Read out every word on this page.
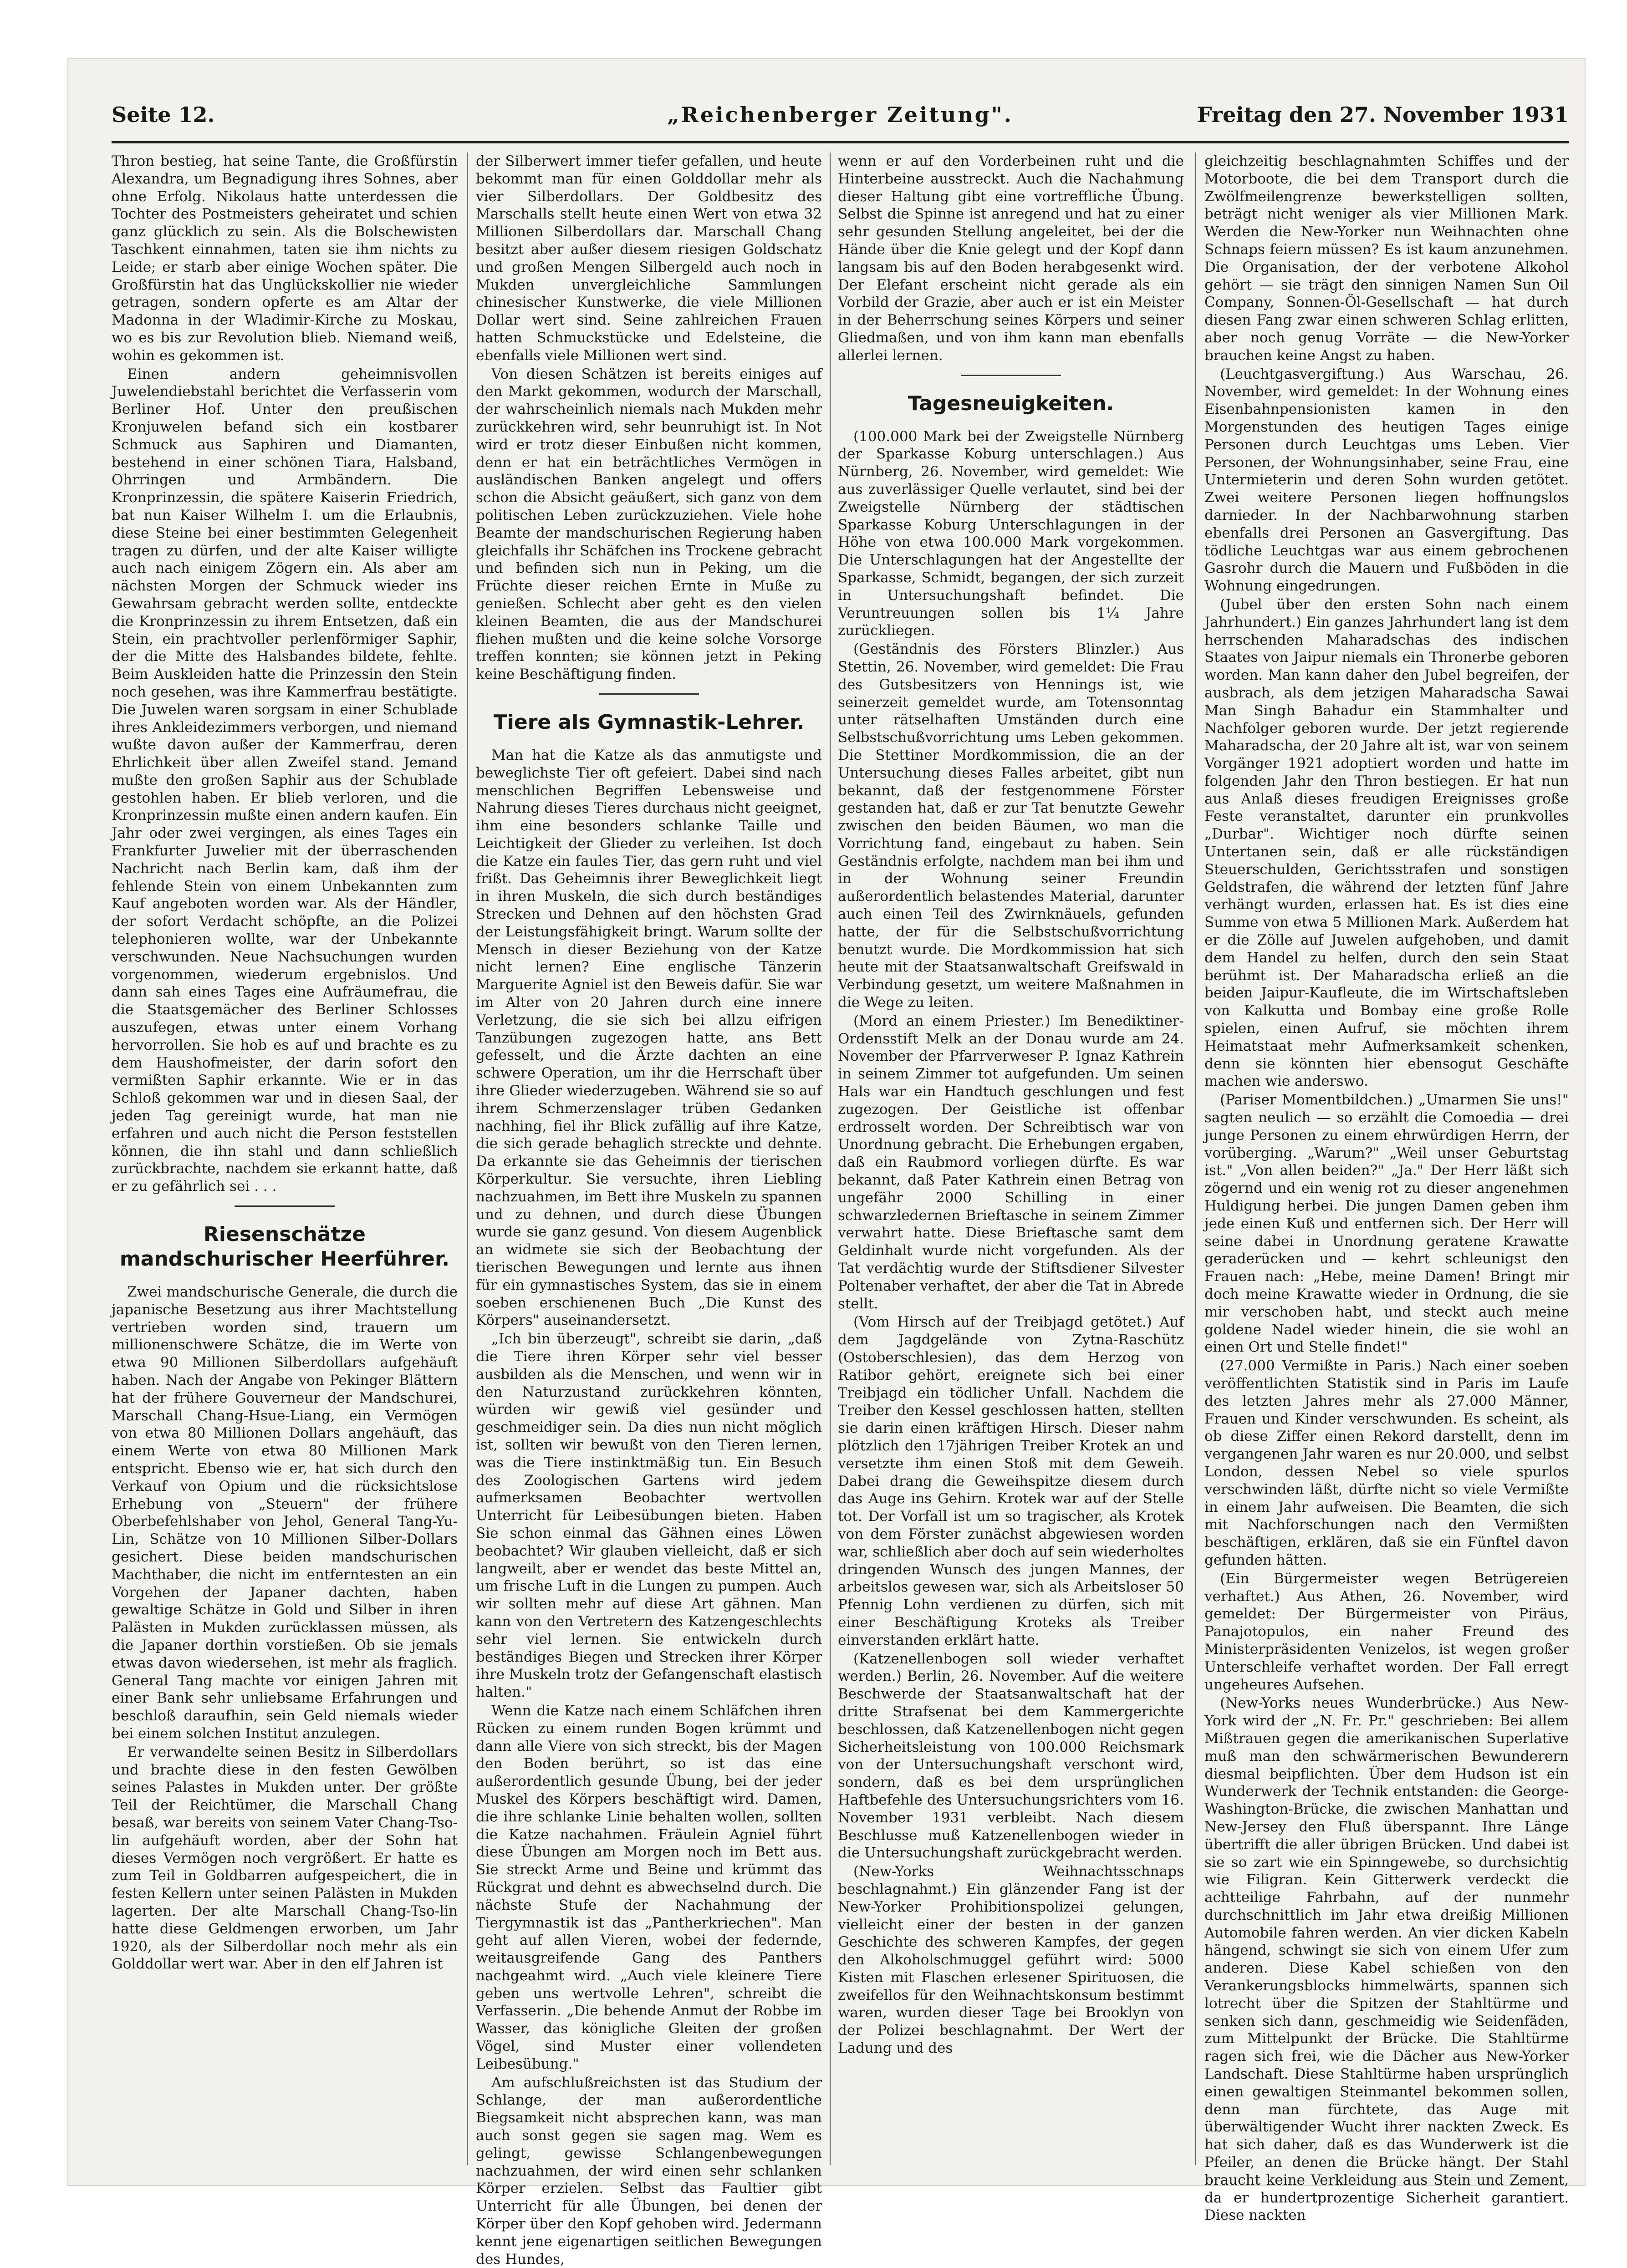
Seite 12.	„Reichenberger Zeitung".	Freitag den 27. November 1931

Thron bestieg, hat seine Tante, die Großfürstin Alexandra, um Begnadigung ihres Sohnes, aber ohne Erfolg. Nikolaus hatte unterdessen die Tochter des Postmeisters geheiratet und schien ganz glücklich zu sein. Als die Bolschewisten Taschkent einnahmen, taten sie ihm nichts zu Leide; er starb aber einige Wochen später. Die Großfürstin hat das Unglückskollier nie wieder getragen, sondern opferte es am Altar der Madonna in der Wladimir-Kirche zu Moskau, wo es bis zur Revolution blieb. Niemand weiß, wohin es gekommen ist.

Einen andern geheimnisvollen Juwelendiebstahl berichtet die Verfasserin vom Berliner Hof. Unter den preußischen Kronjuwelen befand sich ein kostbarer Schmuck aus Saphiren und Diamanten, bestehend in einer schönen Tiara, Halsband, Ohrringen und Armbändern. Die Kronprinzessin, die spätere Kaiserin Friedrich, bat nun Kaiser Wilhelm I. um die Erlaubnis, diese Steine bei einer bestimmten Gelegenheit tragen zu dürfen, und der alte Kaiser willigte auch nach einigem Zögern ein. Als aber am nächsten Morgen der Schmuck wieder ins Gewahrsam gebracht werden sollte, entdeckte die Kronprinzessin zu ihrem Entsetzen, daß ein Stein, ein prachtvoller perlenförmiger Saphir, der die Mitte des Halsbandes bildete, fehlte. Beim Auskleiden hatte die Prinzessin den Stein noch gesehen, was ihre Kammerfrau bestätigte. Die Juwelen waren sorgsam in einer Schublade ihres Ankleidezimmers verborgen, und niemand wußte davon außer der Kammerfrau, deren Ehrlichkeit über allen Zweifel stand. Jemand mußte den großen Saphir aus der Schublade gestohlen haben. Er blieb verloren, und die Kronprinzessin mußte einen andern kaufen. Ein Jahr oder zwei vergingen, als eines Tages ein Frankfurter Juwelier mit der überraschenden Nachricht nach Berlin kam, daß ihm der fehlende Stein von einem Unbekannten zum Kauf angeboten worden war. Als der Händler, der sofort Verdacht schöpfte, an die Polizei telephonieren wollte, war der Unbekannte verschwunden. Neue Nachsuchungen wurden vorgenommen, wiederum ergebnislos. Und dann sah eines Tages eine Aufräumefrau, die die Staatsgemächer des Berliner Schlosses auszufegen, etwas unter einem Vorhang hervorrollen. Sie hob es auf und brachte es zu dem Haushofmeister, der darin sofort den vermißten Saphir erkannte. Wie er in das Schloß gekommen war und in diesen Saal, der jeden Tag gereinigt wurde, hat man nie erfahren und auch nicht die Person feststellen können, die ihn stahl und dann schließlich zurückbrachte, nachdem sie erkannt hatte, daß er zu gefährlich sei . . .

Riesenschätze mandschurischer Heerführer.

Zwei mandschurische Generale, die durch die japanische Besetzung aus ihrer Machtstellung vertrieben worden sind, trauern um millionenschwere Schätze, die im Werte von etwa 90 Millionen Silberdollars aufgehäuft haben. Nach der Angabe von Pekinger Blättern hat der frühere Gouverneur der Mandschurei, Marschall Chang-Hsue-Liang, ein Vermögen von etwa 80 Millionen Dollars angehäuft, das einem Werte von etwa 80 Millionen Mark entspricht. Ebenso wie er, hat sich durch den Verkauf von Opium und die rücksichtslose Erhebung von „Steuern" der frühere Oberbefehlshaber von Jehol, General Tang-Yu-Lin, Schätze von 10 Millionen Silber-Dollars gesichert. Diese beiden mandschurischen Machthaber, die nicht im entferntesten an ein Vorgehen der Japaner dachten, haben gewaltige Schätze in Gold und Silber in ihren Palästen in Mukden zurücklassen müssen, als die Japaner dorthin vorstießen. Ob sie jemals etwas davon wiedersehen, ist mehr als fraglich. General Tang machte vor einigen Jahren mit einer Bank sehr unliebsame Erfahrungen und beschloß daraufhin, sein Geld niemals wieder bei einem solchen Institut anzulegen.

Er verwandelte seinen Besitz in Silberdollars und brachte diese in den festen Gewölben seines Palastes in Mukden unter. Der größte Teil der Reichtümer, die Marschall Chang besaß, war bereits von seinem Vater Chang-Tso-lin aufgehäuft worden, aber der Sohn hat dieses Vermögen noch vergrößert. Er hatte es zum Teil in Goldbarren aufgespeichert, die in festen Kellern unter seinen Palästen in Mukden lagerten. Der alte Marschall Chang-Tso-lin hatte diese Geldmengen erworben, um Jahr 1920, als der Silberdollar noch mehr als ein Golddollar wert war. Aber in den elf Jahren ist

der Silberwert immer tiefer gefallen, und heute bekommt man für einen Golddollar mehr als vier Silberdollars. Der Goldbesitz des Marschalls stellt heute einen Wert von etwa 32 Millionen Silberdollars dar. Marschall Chang besitzt aber außer diesem riesigen Goldschatz und großen Mengen Silbergeld auch noch in Mukden unvergleichliche Sammlungen chinesischer Kunstwerke, die viele Millionen Dollar wert sind. Seine zahlreichen Frauen hatten Schmuckstücke und Edelsteine, die ebenfalls viele Millionen wert sind.

Von diesen Schätzen ist bereits einiges auf den Markt gekommen, wodurch der Marschall, der wahrscheinlich niemals nach Mukden mehr zurückkehren wird, sehr beunruhigt ist. In Not wird er trotz dieser Einbußen nicht kommen, denn er hat ein beträchtliches Vermögen in ausländischen Banken angelegt und offers schon die Absicht geäußert, sich ganz von dem politischen Leben zurückzuziehen. Viele hohe Beamte der mandschurischen Regierung haben gleichfalls ihr Schäfchen ins Trockene gebracht und befinden sich nun in Peking, um die Früchte dieser reichen Ernte in Muße zu genießen. Schlecht aber geht es den vielen kleinen Beamten, die aus der Mandschurei fliehen mußten und die keine solche Vorsorge treffen konnten; sie können jetzt in Peking keine Beschäftigung finden.

Tiere als Gymnastik-Lehrer.

Man hat die Katze als das anmutigste und beweglichste Tier oft gefeiert. Dabei sind nach menschlichen Begriffen Lebensweise und Nahrung dieses Tieres durchaus nicht geeignet, ihm eine besonders schlanke Taille und Leichtigkeit der Glieder zu verleihen. Ist doch die Katze ein faules Tier, das gern ruht und viel frißt. Das Geheimnis ihrer Beweglichkeit liegt in ihren Muskeln, die sich durch beständiges Strecken und Dehnen auf den höchsten Grad der Leistungsfähigkeit bringt. Warum sollte der Mensch in dieser Beziehung von der Katze nicht lernen? Eine englische Tänzerin Marguerite Agniel ist den Beweis dafür. Sie war im Alter von 20 Jahren durch eine innere Verletzung, die sie sich bei allzu eifrigen Tanzübungen zugezogen hatte, ans Bett gefesselt, und die Ärzte dachten an eine schwere Operation, um ihr die Herrschaft über ihre Glieder wiederzugeben. Während sie so auf ihrem Schmerzenslager trüben Gedanken nachhing, fiel ihr Blick zufällig auf ihre Katze, die sich gerade behaglich streckte und dehnte. Da erkannte sie das Geheimnis der tierischen Körperkultur. Sie versuchte, ihren Liebling nachzuahmen, im Bett ihre Muskeln zu spannen und zu dehnen, und durch diese Übungen wurde sie ganz gesund. Von diesem Augenblick an widmete sie sich der Beobachtung der tierischen Bewegungen und lernte aus ihnen für ein gymnastisches System, das sie in einem soeben erschienenen Buch „Die Kunst des Körpers" auseinandersetzt.

„Ich bin überzeugt", schreibt sie darin, „daß die Tiere ihren Körper sehr viel besser ausbilden als die Menschen, und wenn wir in den Naturzustand zurückkehren könnten, würden wir gewiß viel gesünder und geschmeidiger sein. Da dies nun nicht möglich ist, sollten wir bewußt von den Tieren lernen, was die Tiere instinktmäßig tun. Ein Besuch des Zoologischen Gartens wird jedem aufmerksamen Beobachter wertvollen Unterricht für Leibesübungen bieten. Haben Sie schon einmal das Gähnen eines Löwen beobachtet? Wir glauben vielleicht, daß er sich langweilt, aber er wendet das beste Mittel an, um frische Luft in die Lungen zu pumpen. Auch wir sollten mehr auf diese Art gähnen. Man kann von den Vertretern des Katzengeschlechts sehr viel lernen. Sie entwickeln durch beständiges Biegen und Strecken ihrer Körper ihre Muskeln trotz der Gefangenschaft elastisch halten."

Wenn die Katze nach einem Schläfchen ihren Rücken zu einem runden Bogen krümmt und dann alle Viere von sich streckt, bis der Magen den Boden berührt, so ist das eine außerordentlich gesunde Übung, bei der jeder Muskel des Körpers beschäftigt wird. Damen, die ihre schlanke Linie behalten wollen, sollten die Katze nachahmen. Fräulein Agniel führt diese Übungen am Morgen noch im Bett aus. Sie streckt Arme und Beine und krümmt das Rückgrat und dehnt es abwechselnd durch. Die nächste Stufe der Nachahmung der Tiergymnastik ist das „Pantherkriechen". Man geht auf allen Vieren, wobei der federnde, weitausgreifende Gang des Panthers nachgeahmt wird. „Auch viele kleinere Tiere geben uns wertvolle Lehren", schreibt die Verfasserin. „Die behende Anmut der Robbe im Wasser, das königliche Gleiten der großen Vögel, sind Muster einer vollendeten Leibesübung."

Am aufschlußreichsten ist das Studium der Schlange, der man außerordentliche Biegsamkeit nicht absprechen kann, was man auch sonst gegen sie sagen mag. Wem es gelingt, gewisse Schlangenbewegungen nachzuahmen, der wird einen sehr schlanken Körper erzielen. Selbst das Faultier gibt Unterricht für alle Übungen, bei denen der Körper über den Kopf gehoben wird. Jedermann kennt jene eigenartigen seitlichen Bewegungen des Hundes,

wenn er auf den Vorderbeinen ruht und die Hinterbeine ausstreckt. Auch die Nachahmung dieser Haltung gibt eine vortreffliche Übung. Selbst die Spinne ist anregend und hat zu einer sehr gesunden Stellung angeleitet, bei der die Hände über die Knie gelegt und der Kopf dann langsam bis auf den Boden herabgesenkt wird. Der Elefant erscheint nicht gerade als ein Vorbild der Grazie, aber auch er ist ein Meister in der Beherrschung seines Körpers und seiner Gliedmaßen, und von ihm kann man ebenfalls allerlei lernen.

Tagesneuigkeiten.

(100.000 Mark bei der Zweigstelle Nürnberg der Sparkasse Koburg unterschlagen.) Aus Nürnberg, 26. November, wird gemeldet: Wie aus zuverlässiger Quelle verlautet, sind bei der Zweigstelle Nürnberg der städtischen Sparkasse Koburg Unterschlagungen in der Höhe von etwa 100.000 Mark vorgekommen. Die Unterschlagungen hat der Angestellte der Sparkasse, Schmidt, begangen, der sich zurzeit in Untersuchungshaft befindet. Die Veruntreuungen sollen bis 1¼ Jahre zurückliegen.

(Geständnis des Försters Blinzler.) Aus Stettin, 26. November, wird gemeldet: Die Frau des Gutsbesitzers von Hennings ist, wie seinerzeit gemeldet wurde, am Totensonntag unter rätselhaften Umständen durch eine Selbstschußvorrichtung ums Leben gekommen. Die Stettiner Mordkommission, die an der Untersuchung dieses Falles arbeitet, gibt nun bekannt, daß der festgenommene Förster gestanden hat, daß er zur Tat benutzte Gewehr zwischen den beiden Bäumen, wo man die Vorrichtung fand, eingebaut zu haben. Sein Geständnis erfolgte, nachdem man bei ihm und in der Wohnung seiner Freundin außerordentlich belastendes Material, darunter auch einen Teil des Zwirnknäuels, gefunden hatte, der für die Selbstschußvorrichtung benutzt wurde. Die Mordkommission hat sich heute mit der Staatsanwaltschaft Greifswald in Verbindung gesetzt, um weitere Maßnahmen in die Wege zu leiten.

(Mord an einem Priester.) Im Benediktiner-Ordensstift Melk an der Donau wurde am 24. November der Pfarrverweser P. Ignaz Kathrein in seinem Zimmer tot aufgefunden. Um seinen Hals war ein Handtuch geschlungen und fest zugezogen. Der Geistliche ist offenbar erdrosselt worden. Der Schreibtisch war von Unordnung gebracht. Die Erhebungen ergaben, daß ein Raubmord vorliegen dürfte. Es war bekannt, daß Pater Kathrein einen Betrag von ungefähr 2000 Schilling in einer schwarzledernen Brieftasche in seinem Zimmer verwahrt hatte. Diese Brieftasche samt dem Geldinhalt wurde nicht vorgefunden. Als der Tat verdächtig wurde der Stiftsdiener Silvester Poltenaber verhaftet, der aber die Tat in Abrede stellt.

(Vom Hirsch auf der Treibjagd getötet.) Auf dem Jagdgelände von Zytna-Raschütz (Ostoberschlesien), das dem Herzog von Ratibor gehört, ereignete sich bei einer Treibjagd ein tödlicher Unfall. Nachdem die Treiber den Kessel geschlossen hatten, stellten sie darin einen kräftigen Hirsch. Dieser nahm plötzlich den 17jährigen Treiber Krotek an und versetzte ihm einen Stoß mit dem Geweih. Dabei drang die Geweihspitze diesem durch das Auge ins Gehirn. Krotek war auf der Stelle tot. Der Vorfall ist um so tragischer, als Krotek von dem Förster zunächst abgewiesen worden war, schließlich aber doch auf sein wiederholtes dringenden Wunsch des jungen Mannes, der arbeitslos gewesen war, sich als Arbeitsloser 50 Pfennig Lohn verdienen zu dürfen, sich mit einer Beschäftigung Kroteks als Treiber einverstanden erklärt hatte.

(Katzenellenbogen soll wieder verhaftet werden.) Berlin, 26. November. Auf die weitere Beschwerde der Staatsanwaltschaft hat der dritte Strafsenat bei dem Kammergerichte beschlossen, daß Katzenellenbogen nicht gegen Sicherheitsleistung von 100.000 Reichsmark von der Untersuchungshaft verschont wird, sondern, daß es bei dem ursprünglichen Haftbefehle des Untersuchungsrichters vom 16. November 1931 verbleibt. Nach diesem Beschlusse muß Katzenellenbogen wieder in die Untersuchungshaft zurückgebracht werden.

(New-Yorks Weihnachtsschnaps beschlagnahmt.) Ein glänzender Fang ist der New-Yorker Prohibitionspolizei gelungen, vielleicht einer der besten in der ganzen Geschichte des schweren Kampfes, der gegen den Alkoholschmuggel geführt wird: 5000 Kisten mit Flaschen erlesener Spirituosen, die zweifellos für den Weihnachtskonsum bestimmt waren, wurden dieser Tage bei Brooklyn von der Polizei beschlagnahmt. Der Wert der Ladung und des

gleichzeitig beschlagnahmten Schiffes und der Motorboote, die bei dem Transport durch die Zwölfmeilengrenze bewerkstelligen sollten, beträgt nicht weniger als vier Millionen Mark. Werden die New-Yorker nun Weihnachten ohne Schnaps feiern müssen? Es ist kaum anzunehmen. Die Organisation, der der verbotene Alkohol gehört — sie trägt den sinnigen Namen Sun Oil Company, Sonnen-Öl-Gesellschaft — hat durch diesen Fang zwar einen schweren Schlag erlitten, aber noch genug Vorräte — die New-Yorker brauchen keine Angst zu haben.

(Leuchtgasvergiftung.) Aus Warschau, 26. November, wird gemeldet: In der Wohnung eines Eisenbahnpensionisten kamen in den Morgenstunden des heutigen Tages einige Personen durch Leuchtgas ums Leben. Vier Personen, der Wohnungsinhaber, seine Frau, eine Untermieterin und deren Sohn wurden getötet. Zwei weitere Personen liegen hoffnungslos darnieder. In der Nachbarwohnung starben ebenfalls drei Personen an Gasvergiftung. Das tödliche Leuchtgas war aus einem gebrochenen Gasrohr durch die Mauern und Fußböden in die Wohnung eingedrungen.

(Jubel über den ersten Sohn nach einem Jahrhundert.) Ein ganzes Jahrhundert lang ist dem herrschenden Maharadschas des indischen Staates von Jaipur niemals ein Thronerbe geboren worden. Man kann daher den Jubel begreifen, der ausbrach, als dem jetzigen Maharadscha Sawai Man Singh Bahadur ein Stammhalter und Nachfolger geboren wurde. Der jetzt regierende Maharadscha, der 20 Jahre alt ist, war von seinem Vorgänger 1921 adoptiert worden und hatte im folgenden Jahr den Thron bestiegen. Er hat nun aus Anlaß dieses freudigen Ereignisses große Feste veranstaltet, darunter ein prunkvolles „Durbar". Wichtiger noch dürfte seinen Untertanen sein, daß er alle rückständigen Steuerschulden, Gerichtsstrafen und sonstigen Geldstrafen, die während der letzten fünf Jahre verhängt wurden, erlassen hat. Es ist dies eine Summe von etwa 5 Millionen Mark. Außerdem hat er die Zölle auf Juwelen aufgehoben, und damit dem Handel zu helfen, durch den sein Staat berühmt ist. Der Maharadscha erließ an die beiden Jaipur-Kaufleute, die im Wirtschaftsleben von Kalkutta und Bombay eine große Rolle spielen, einen Aufruf, sie möchten ihrem Heimatstaat mehr Aufmerksamkeit schenken, denn sie könnten hier ebensogut Geschäfte machen wie anderswo.

(Pariser Momentbildchen.) „Umarmen Sie uns!" sagten neulich — so erzählt die Comoedia — drei junge Personen zu einem ehrwürdigen Herrn, der vorüberging. „Warum?" „Weil unser Geburtstag ist." „Von allen beiden?" „Ja." Der Herr läßt sich zögernd und ein wenig rot zu dieser angenehmen Huldigung herbei. Die jungen Damen geben ihm jede einen Kuß und entfernen sich. Der Herr will seine dabei in Unordnung geratene Krawatte geraderücken und — kehrt schleunigst den Frauen nach: „Hebe, meine Damen! Bringt mir doch meine Krawatte wieder in Ordnung, die sie mir verschoben habt, und steckt auch meine goldene Nadel wieder hinein, die sie wohl an einen Ort und Stelle findet!"

(27.000 Vermißte in Paris.) Nach einer soeben veröffentlichten Statistik sind in Paris im Laufe des letzten Jahres mehr als 27.000 Männer, Frauen und Kinder verschwunden. Es scheint, als ob diese Ziffer einen Rekord darstellt, denn im vergangenen Jahr waren es nur 20.000, und selbst London, dessen Nebel so viele spurlos verschwinden läßt, dürfte nicht so viele Vermißte in einem Jahr aufweisen. Die Beamten, die sich mit Nachforschungen nach den Vermißten beschäftigen, erklären, daß sie ein Fünftel davon gefunden hätten.

(Ein Bürgermeister wegen Betrügereien verhaftet.) Aus Athen, 26. November, wird gemeldet: Der Bürgermeister von Piräus, Panajotopulos, ein naher Freund des Ministerpräsidenten Venizelos, ist wegen großer Unterschleife verhaftet worden. Der Fall erregt ungeheures Aufsehen.

(New-Yorks neues Wunderbrücke.) Aus New-York wird der „N. Fr. Pr." geschrieben: Bei allem Mißtrauen gegen die amerikanischen Superlative muß man den schwärmerischen Bewunderern diesmal beipflichten. Über dem Hudson ist ein Wunderwerk der Technik entstanden: die George-Washington-Brücke, die zwischen Manhattan und New-Jersey den Fluß überspannt. Ihre Länge übertrifft die aller übrigen Brücken. Und dabei ist sie so zart wie ein Spinngewebe, so durchsichtig wie Filigran. Kein Gitterwerk verdeckt die achtteilige Fahrbahn, auf der nunmehr durchschnittlich im Jahr etwa dreißig Millionen Automobile fahren werden. An vier dicken Kabeln hängend, schwingt sie sich von einem Ufer zum anderen. Diese Kabel schießen von den Verankerungsblocks himmelwärts, spannen sich lotrecht über die Spitzen der Stahltürme und senken sich dann, geschmeidig wie Seidenfäden, zum Mittelpunkt der Brücke. Die Stahltürme ragen sich frei, wie die Dächer aus New-Yorker Landschaft. Diese Stahltürme haben ursprünglich einen gewaltigen Steinmantel bekommen sollen, denn man fürchtete, das Auge mit überwältigender Wucht ihrer nackten Zweck. Es hat sich daher, daß es das Wunderwerk ist die Pfeiler, an denen die Brücke hängt. Der Stahl braucht keine Verkleidung aus Stein und Zement, da er hundertprozentige Sicherheit garantiert. Diese nackten
